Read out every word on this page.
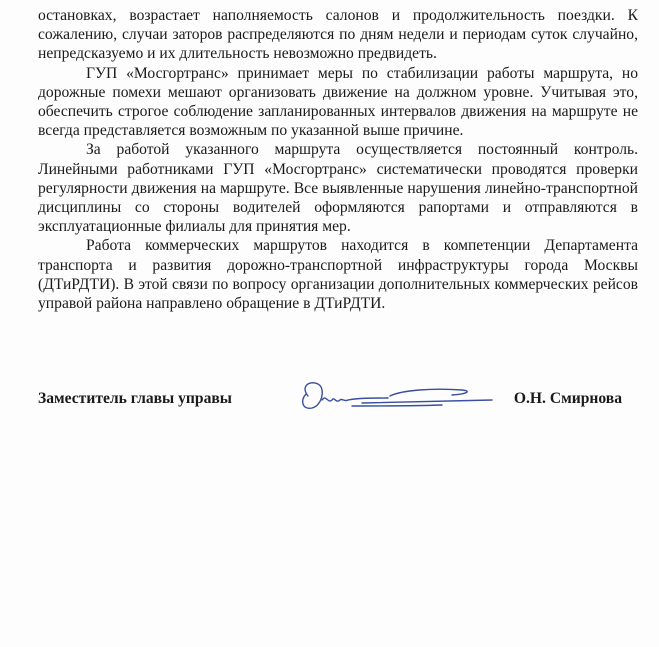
остановках, возрастает наполняемость салонов и продолжительность поездки. К сожалению, случаи заторов распределяются по дням недели и периодам суток случайно, непредсказуемо и их длительность невозможно предвидеть.

ГУП «Мосгортранс» принимает меры по стабилизации работы маршрута, но дорожные помехи мешают организовать движение на должном уровне. Учитывая это, обеспечить строгое соблюдение запланированных интервалов движения на маршруте не всегда представляется возможным по указанной выше причине.

За работой указанного маршрута осуществляется постоянный контроль. Линейными работниками ГУП «Мосгортранс» систематически проводятся проверки регулярности движения на маршруте. Все выявленные нарушения линейно-транспортной дисциплины со стороны водителей оформляются рапортами и отправляются в эксплуатационные филиалы для принятия мер.

Работа коммерческих маршрутов находится в компетенции Департамента транспорта и развития дорожно-транспортной инфраструктуры города Москвы (ДТиРДТИ). В этой связи по вопросу организации дополнительных коммерческих рейсов управой района направлено обращение в ДТиРДТИ.

Заместитель главы управы	О.Н. Смирнова
